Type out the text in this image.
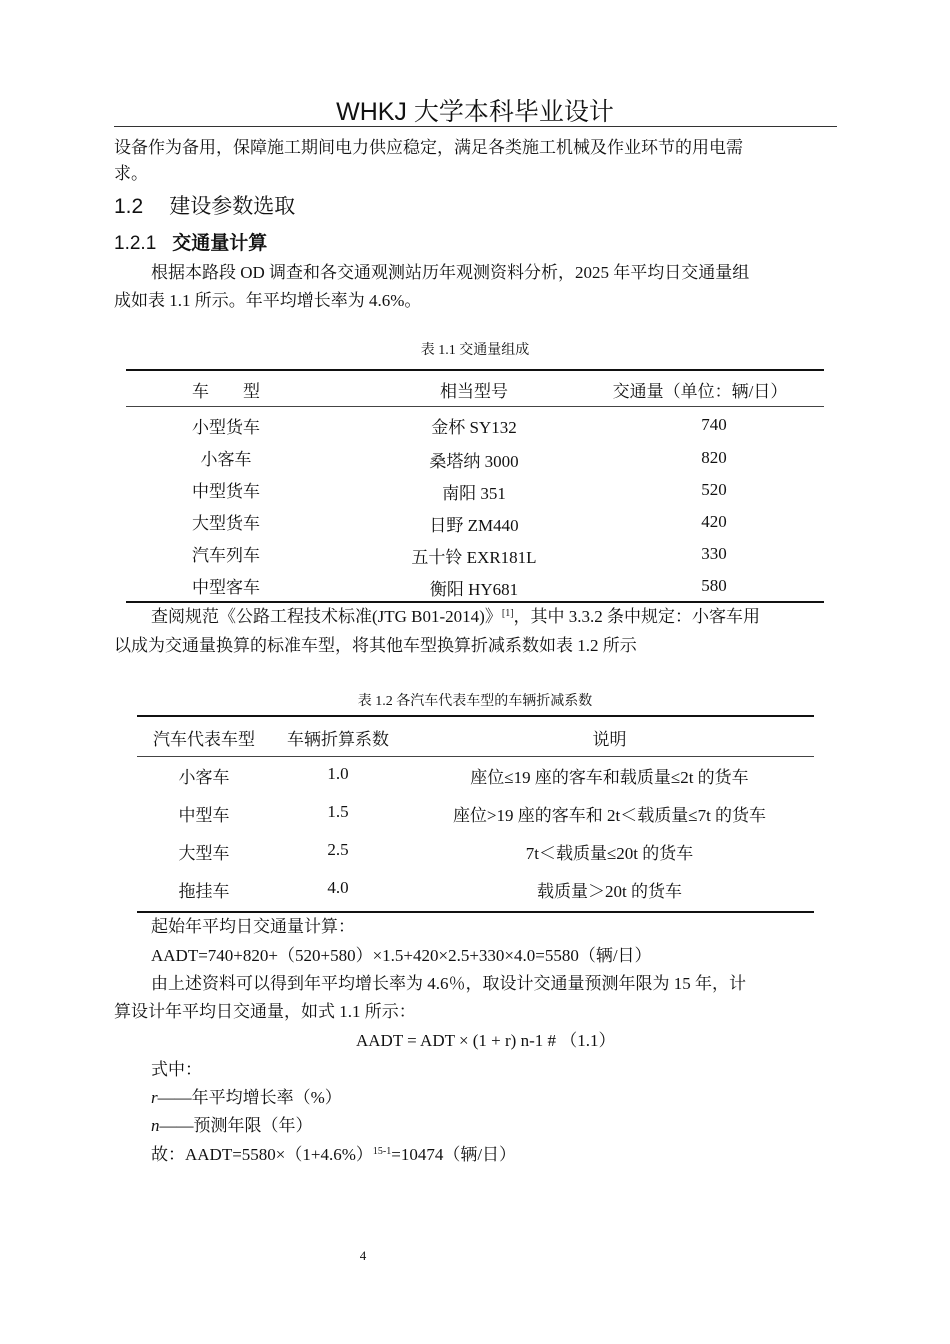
WHKJ 大学本科毕业设计
设备作为备用，保障施工期间电力供应稳定，满足各类施工机械及作业环节的用电需
求。
1.2 建设参数选取
1.2.1 交通量计算
根据本路段 OD 调查和各交通观测站历年观测资料分析，2025 年平均日交通量组
成如表 1.1 所示。年平均增长率为 4.6%。
表 1.1 交通量组成
车　　型	相当型号	交通量（单位：辆/日）
小型货车	金杯 SY132	740
小客车	桑塔纳 3000	820
中型货车	南阳 351	520
大型货车	日野 ZM440	420
汽车列车	五十铃 EXR181L	330
中型客车	衡阳 HY681	580
查阅规范《公路工程技术标准(JTG B01-2014)》[1]，其中 3.3.2 条中规定：小客车用
以成为交通量换算的标准车型，将其他车型换算折减系数如表 1.2 所示
表 1.2 各汽车代表车型的车辆折减系数
汽车代表车型	车辆折算系数	说明
小客车	1.0	座位≤19 座的客车和载质量≤2t 的货车
中型车	1.5	座位>19 座的客车和 2t＜载质量≤7t 的货车
大型车	2.5	7t＜载质量≤20t 的货车
拖挂车	4.0	载质量＞20t 的货车
起始年平均日交通量计算：
AADT=740+820+（520+580）×1.5+420×2.5+330×4.0=5580（辆/日）
由上述资料可以得到年平均增长率为 4.6％，取设计交通量预测年限为 15 年，计
算设计年平均日交通量，如式 1.1 所示：
AADT = ADT × (1 + r) n-1 # （1.1）
式中：
r——年平均增长率（%）
n——预测年限（年）
故：$AADT=5580\times(1+4.6\%)^{15-1}=10474$（辆/日）
4
